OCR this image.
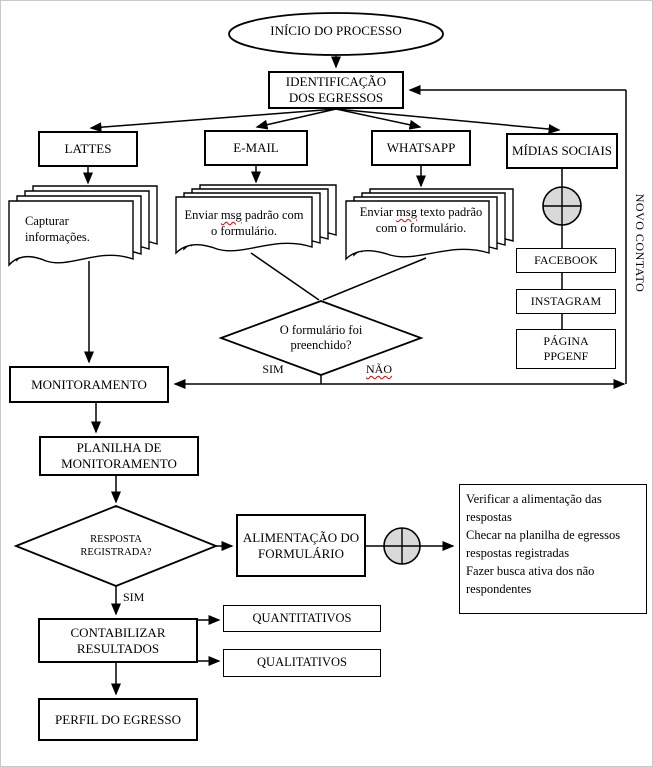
INÍCIO DO PROCESSO
IDENTIFICAÇÃO DOS EGRESSOS
LATTES	E-MAIL	WHATSAPP	MÍDIAS SOCIAIS
FACEBOOK
INSTAGRAM
PÁGINA PPGENF
MONITORAMENTO
PLANILHA DE MONITORAMENTO
ALIMENTAÇÃO DO FORMULÁRIO
CONTABILIZAR RESULTADOS
QUANTITATIVOS
QUALITATIVOS
PERFIL DO EGRESSO
Verificar a alimentação das respostas
Checar na planilha de egressos respostas registradas
Fazer busca ativa dos não respondentes
Capturar informações.
Enviar msg padrão com o formulário.
Enviar msg texto padrão com o formulário.
O formulário foi preenchido?
RESPOSTA REGISTRADA?
SIM	NÃO
SIM
NOVO CONTATO
